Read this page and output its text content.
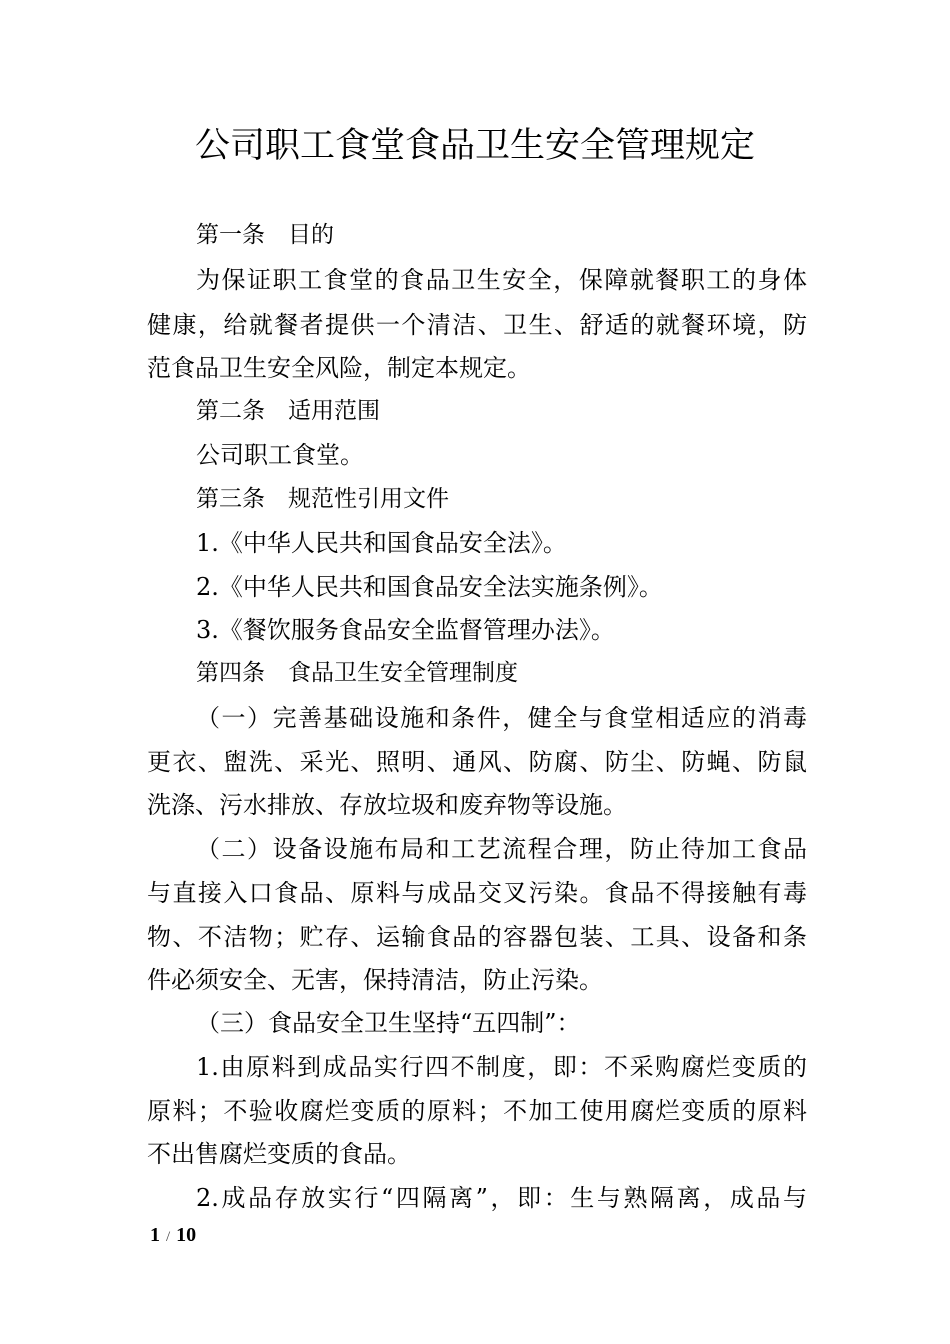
公司职工食堂食品卫生安全管理规定
第一条　目的
为保证职工食堂的食品卫生安全，保障就餐职工的身体
健康，给就餐者提供一个清洁、卫生、舒适的就餐环境，防
范食品卫生安全风险，制定本规定。
第二条　适用范围
公司职工食堂。
第三条　规范性引用文件
1.《中华人民共和国食品安全法》。
2.《中华人民共和国食品安全法实施条例》。
3.《餐饮服务食品安全监督管理办法》。
第四条　食品卫生安全管理制度
（一）完善基础设施和条件，健全与食堂相适应的消毒
更衣、盥洗、采光、照明、通风、防腐、防尘、防蝇、防鼠
洗涤、污水排放、存放垃圾和废弃物等设施。
（二）设备设施布局和工艺流程合理，防止待加工食品
与直接入口食品、原料与成品交叉污染。食品不得接触有毒
物、不洁物；贮存、运输食品的容器包装、工具、设备和条
件必须安全、无害，保持清洁，防止污染。
（三）食品安全卫生坚持“五四制”：
1.由原料到成品实行四不制度，即：不采购腐烂变质的
原料；不验收腐烂变质的原料；不加工使用腐烂变质的原料
不出售腐烂变质的食品。
2.成品存放实行“四隔离”，即：生与熟隔离，成品与
1 / 10
